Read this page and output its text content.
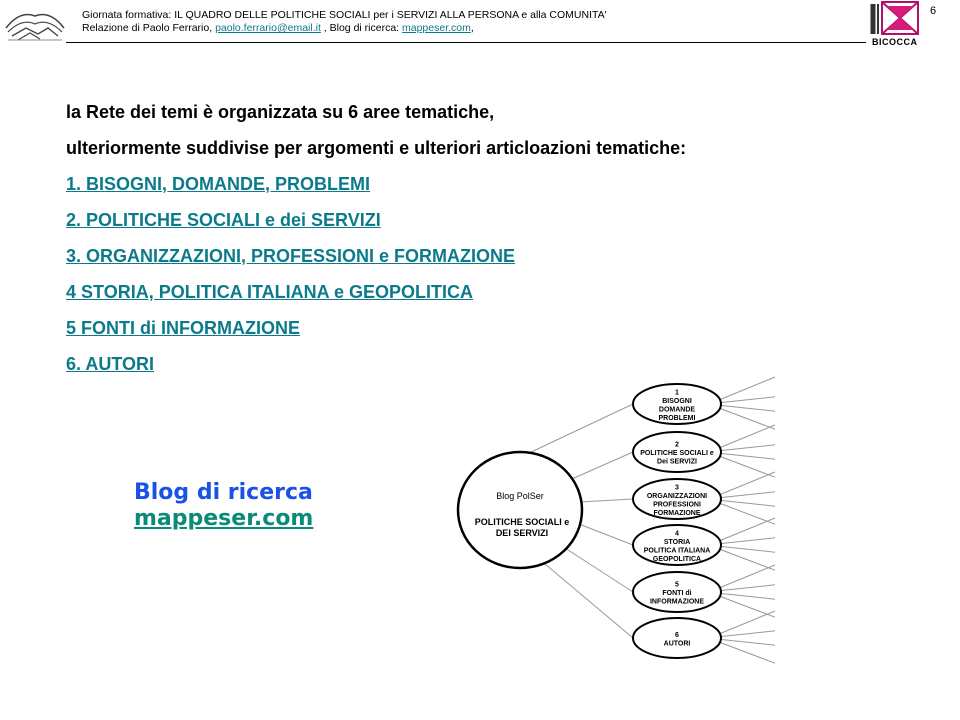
Giornata formativa: IL QUADRO DELLE POLITICHE SOCIALI per i SERVIZI ALLA PERSONA e alla COMUNITA'
Relazione di Paolo Ferrario, paolo.ferrario@email.it , Blog di ricerca: mappeser.com,
BICOCCA
6
la Rete dei temi è organizzata su 6 aree tematiche,
ulteriormente suddivise per argomenti e ulteriori articloazioni tematiche:
1. BISOGNI, DOMANDE, PROBLEMI
2. POLITICHE SOCIALI e dei SERVIZI
3. ORGANIZZAZIONI, PROFESSIONI e FORMAZIONE
4 STORIA, POLITICA ITALIANA e GEOPOLITICA
5 FONTI di INFORMAZIONE
6. AUTORI
Blog di ricerca
mappeser.com
Blog PolSer
POLITICHE SOCIALI e
DEI SERVIZI
1
BISOGNI
DOMANDE
PROBLEMI
2
POLITICHE SOCIALI e
Dei SERVIZI
3
ORGANIZZAZIONI
PROFESSIONI
FORMAZIONE
4
STORIA
POLITICA ITALIANA
GEOPOLITICA
5
FONTI di
INFORMAZIONE
6
AUTORI
